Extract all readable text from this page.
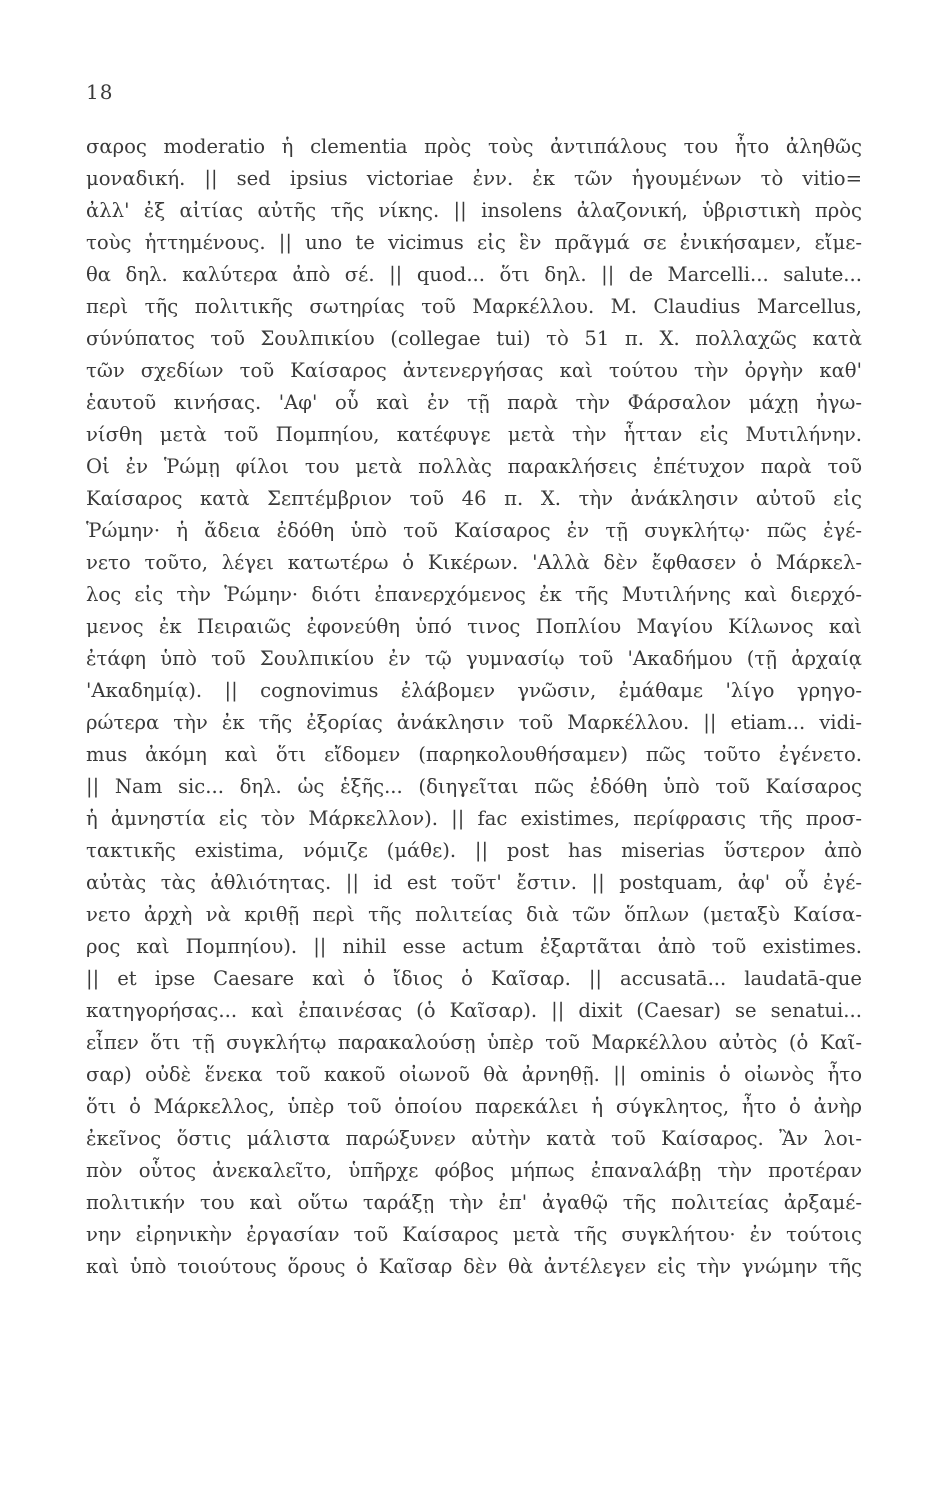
18
σαρος moderatio ἡ clementia πρὸς τοὺς ἀντιπάλους του ἦτο ἀληθῶς
μοναδική. || sed ipsius victoriae ἐνν. ἐκ τῶν ἡγουμένων τὸ vitio=
ἀλλ' ἐξ αἰτίας αὐτῆς τῆς νίκης. || insolens ἀλαζονική, ὑβριστικὴ πρὸς
τοὺς ἡττημένους. || uno te vicimus εἰς ἓν πρᾶγμά σε ἐνικήσαμεν, εἴμε-
θα δηλ. καλύτερα ἀπὸ σέ. || quod... ὅτι δηλ. || de Marcelli... salute...
περὶ τῆς πολιτικῆς σωτηρίας τοῦ Μαρκέλλου. M. Claudius Marcellus,
σύνύπατος τοῦ Σουλπικίου (collegae tui) τὸ 51 π. Χ. πολλαχῶς κατὰ
τῶν σχεδίων τοῦ Καίσαρος ἀντενεργήσας καὶ τούτου τὴν ὀργὴν καθ'
ἑαυτοῦ κινήσας. 'Αφ' οὗ καὶ ἐν τῇ παρὰ τὴν Φάρσαλον μάχῃ ἠγω-
νίσθη μετὰ τοῦ Πομπηίου, κατέφυγε μετὰ τὴν ἧτταν εἰς Μυτιλήνην.
Οἱ ἐν Ῥώμῃ φίλοι του μετὰ πολλὰς παρακλήσεις ἐπέτυχον παρὰ τοῦ
Καίσαρος κατὰ Σεπτέμβριον τοῦ 46 π. Χ. τὴν ἀνάκλησιν αὐτοῦ εἰς
Ῥώμην· ἡ ἄδεια ἐδόθη ὑπὸ τοῦ Καίσαρος ἐν τῇ συγκλήτῳ· πῶς ἐγέ-
νετο τοῦτο, λέγει κατωτέρω ὁ Κικέρων. 'Αλλὰ δὲν ἔφθασεν ὁ Μάρκελ-
λος εἰς τὴν Ῥώμην· διότι ἐπανερχόμενος ἐκ τῆς Μυτιλήνης καὶ διερχό-
μενος ἐκ Πειραιῶς ἐφονεύθη ὑπό τινος Ποπλίου Μαγίου Κίλωνος καὶ
ἐτάφη ὑπὸ τοῦ Σουλπικίου ἐν τῷ γυμνασίῳ τοῦ 'Ακαδήμου (τῇ ἀρχαίᾳ
'Ακαδημίᾳ). || cognovimus ἐλάβομεν γνῶσιν, ἐμάθαμε 'λίγο γρηγο-
ρώτερα τὴν ἐκ τῆς ἐξορίας ἀνάκλησιν τοῦ Μαρκέλλου. || etiam... vidi-
mus ἀκόμη καὶ ὅτι εἴδομεν (παρηκολουθήσαμεν) πῶς τοῦτο ἐγένετο.
|| Nam sic... δηλ. ὡς ἑξῆς... (διηγεῖται πῶς ἐδόθη ὑπὸ τοῦ Καίσαρος
ἡ ἀμνηστία εἰς τὸν Μάρκελλον). || fac existimes, περίφρασις τῆς προσ-
τακτικῆς existima, νόμιζε (μάθε). || post has miserias ὕστερον ἀπὸ
αὐτὰς τὰς ἀθλιότητας. || id est τοῦτ' ἔστιν. || postquam, ἀφ' οὗ ἐγέ-
νετο ἀρχὴ νὰ κριθῇ περὶ τῆς πολιτείας διὰ τῶν ὅπλων (μεταξὺ Καίσα-
ρος καὶ Πομπηίου). || nihil esse actum ἐξαρτᾶται ἀπὸ τοῦ existimes.
|| et ipse Caesare καὶ ὁ ἴδιος ὁ Καῖσαρ. || accusatā... laudatā-que
κατηγορήσας... καὶ ἐπαινέσας (ὁ Καῖσαρ). || dixit (Caesar) se senatui...
εἶπεν ὅτι τῇ συγκλήτῳ παρακαλούσῃ ὑπὲρ τοῦ Μαρκέλλου αὐτὸς (ὁ Καῖ-
σαρ) οὐδὲ ἕνεκα τοῦ κακοῦ οἰωνοῦ θὰ ἀρνηθῇ. || ominis ὁ οἰωνὸς ἦτο
ὅτι ὁ Μάρκελλος, ὑπὲρ τοῦ ὁποίου παρεκάλει ἡ σύγκλητος, ἦτο ὁ ἀνὴρ
ἐκεῖνος ὅστις μάλιστα παρώξυνεν αὐτὴν κατὰ τοῦ Καίσαρος. Ἂν λοι-
πὸν οὗτος ἀνεκαλεῖτο, ὑπῆρχε φόβος μήπως ἐπαναλάβῃ τὴν προτέραν
πολιτικήν του καὶ οὕτω ταράξῃ τὴν ἐπ' ἀγαθῷ τῆς πολιτείας ἀρξαμέ-
νην εἰρηνικὴν ἐργασίαν τοῦ Καίσαρος μετὰ τῆς συγκλήτου· ἐν τούτοις
καὶ ὑπὸ τοιούτους ὅρους ὁ Καῖσαρ δὲν θὰ ἀντέλεγεν εἰς τὴν γνώμην τῆς
